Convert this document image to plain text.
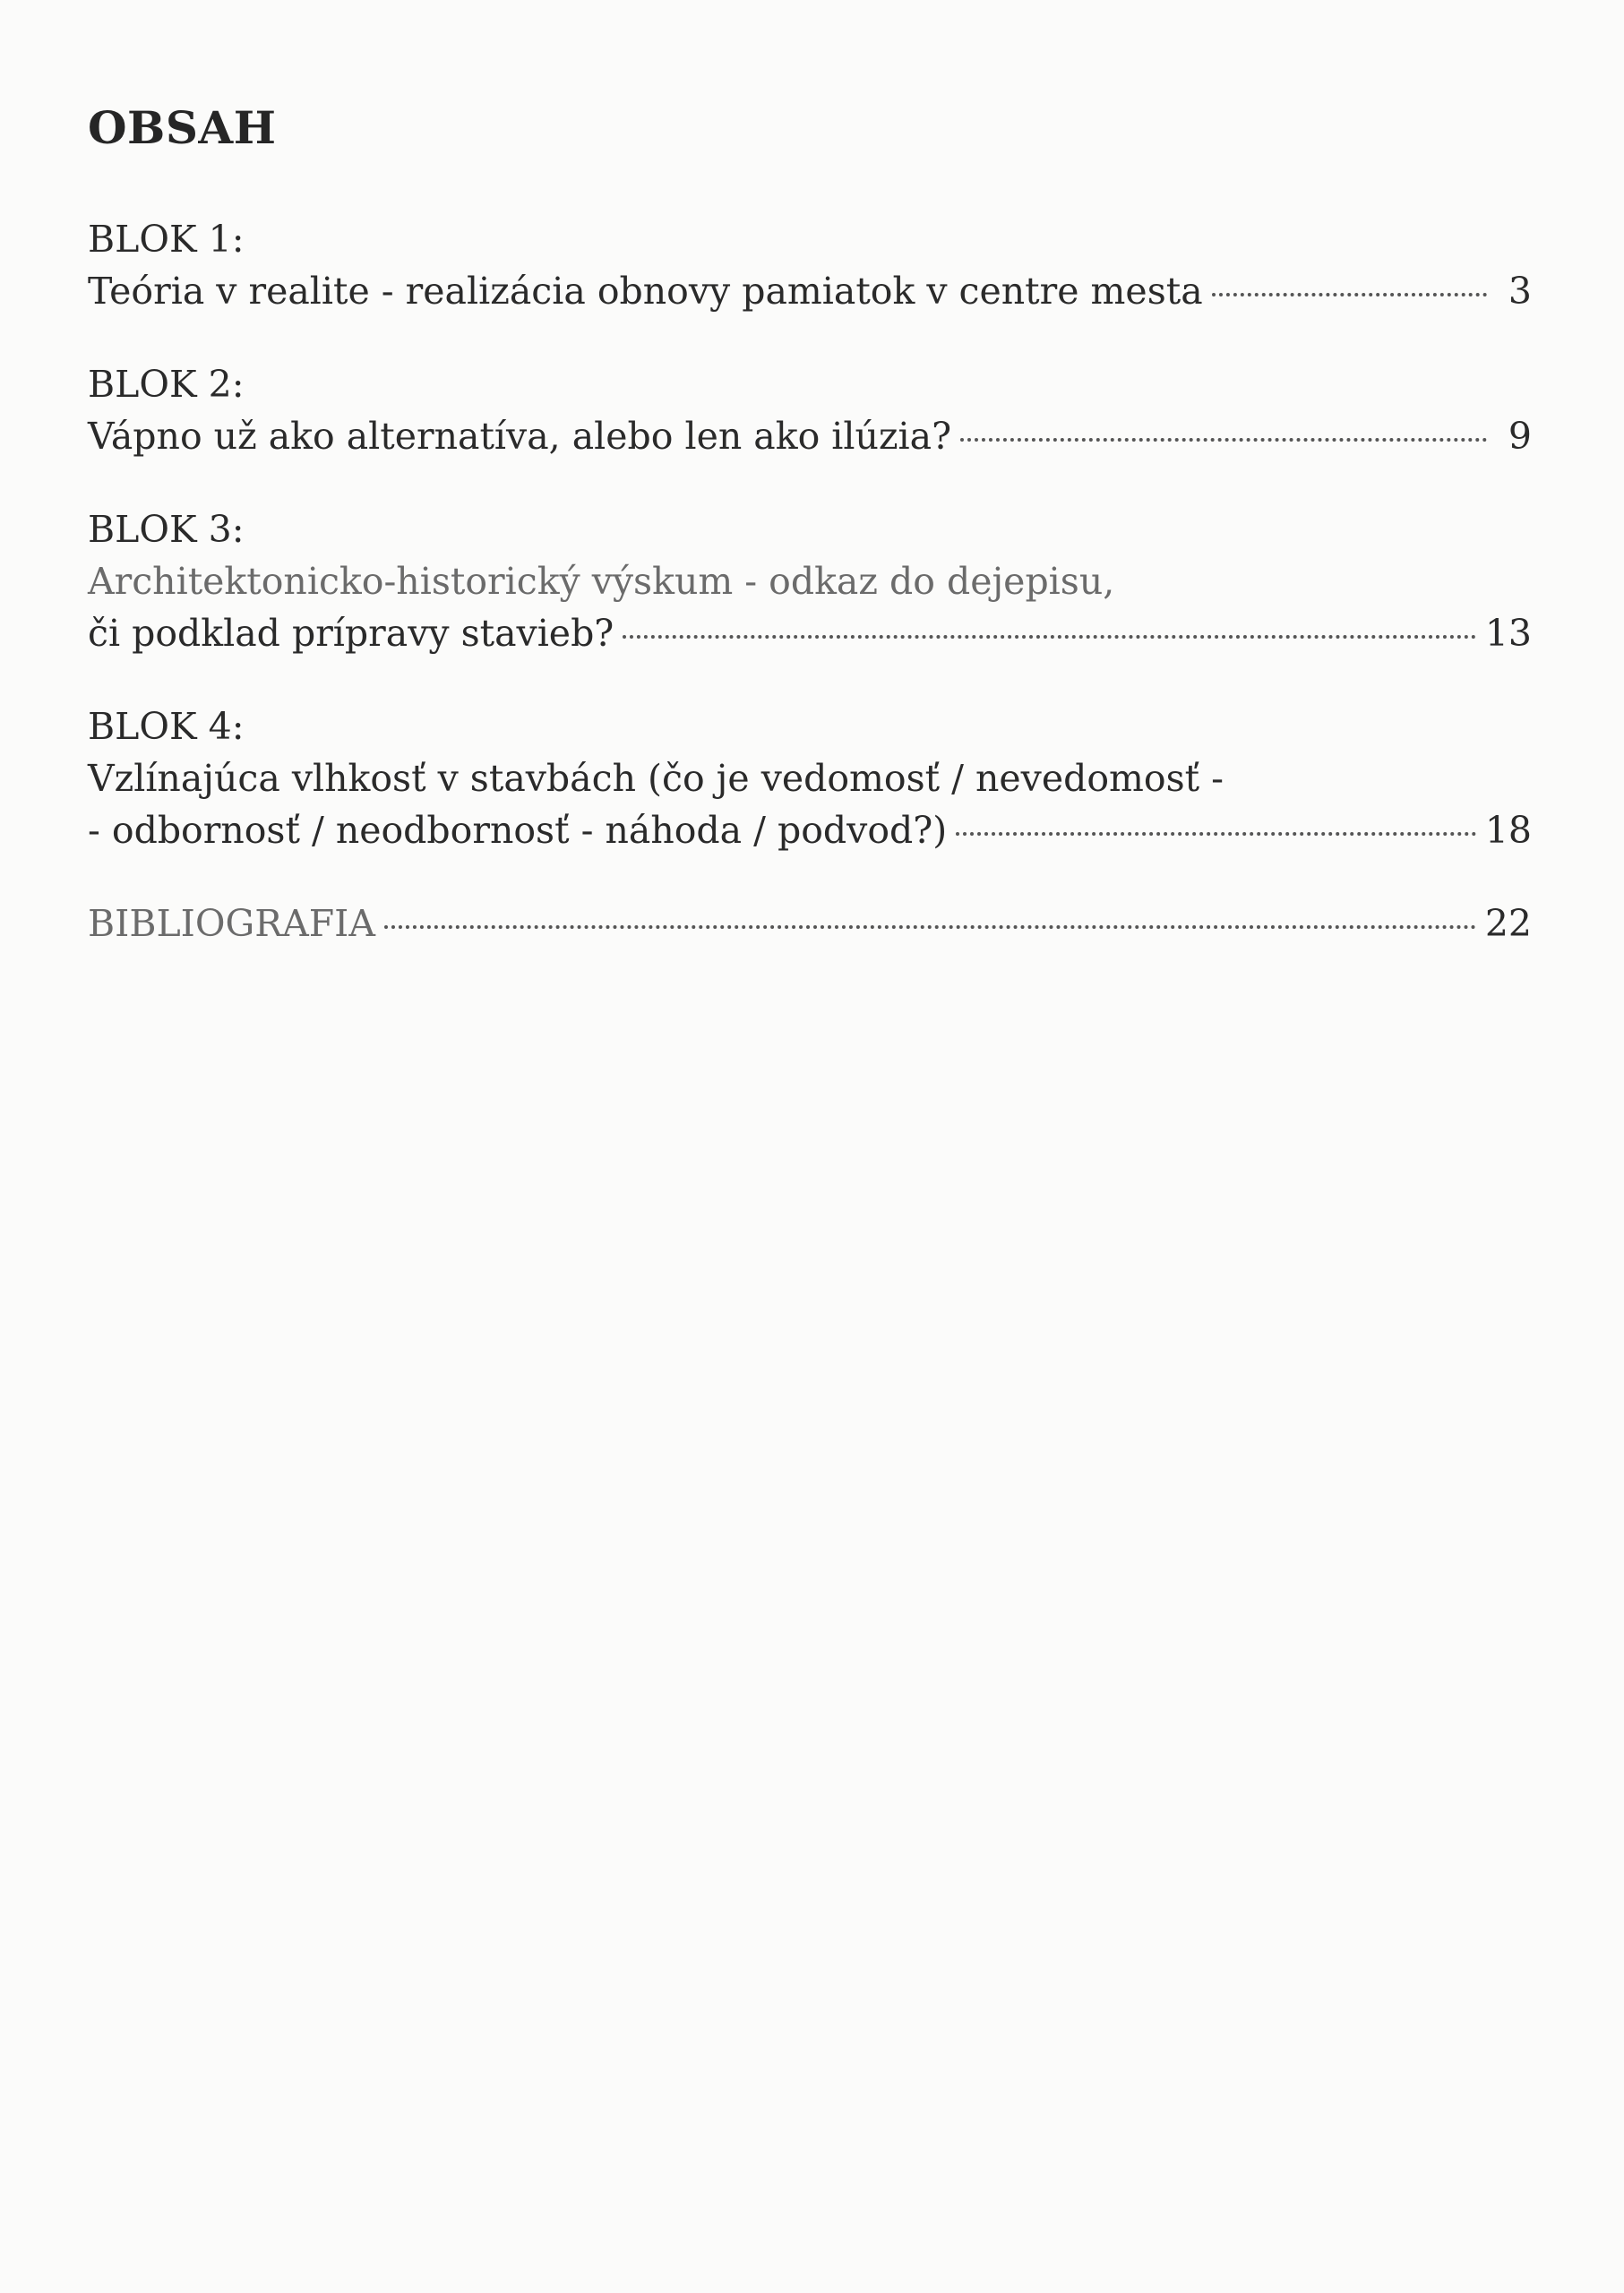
OBSAH
BLOK 1:
Teória v realite - realizácia obnovy pamiatok v centre mesta	3
BLOK 2:
Vápno už ako alternatíva, alebo len ako ilúzia?	9
BLOK 3:
Architektonicko-historický výskum - odkaz do dejepisu,
či podklad prípravy stavieb?	13
BLOK 4:
Vzlínajúca vlhkosť v stavbách (čo je vedomosť / nevedomosť -
- odbornosť / neodbornosť - náhoda / podvod?)	18
BIBLIOGRAFIA	22
